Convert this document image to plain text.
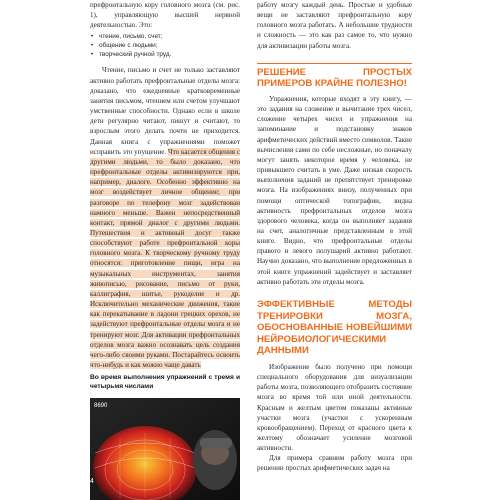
префронтальную кору головного мозга (см. рис. 1), управляющую высшей нервной деятельностью. Это:

• чтение, письмо, счет;
• общение с людьми;
• творческий ручной труд.

Чтение, письмо и счет не только заставляют активно работать префронтальные отделы мозга: доказано, что ежедневные кратковременные занятия письмом, чтением или счетом улучшают умственные способности. Однако если в школе дети регулярно читают, пишут и считают, то взрослым этого делать почти не приходится. Данная книга с упражнениями поможет исправить это упущение. Что касается общения с другими людьми, то было доказано, что префронтальные отделы активизируются при, например, диалоге. Особенно эффективно на мозг воздействует личное общение; при разговоре по телефону мозг задействован намного меньше. Важен непосредственный контакт, прямой диалог с другими людьми. Путешествия и активный досуг также способствуют работе префронтальной коры головного мозга. К творческому ручному труду относятся: приготовление пищи, игра на музыкальных инструментах, занятия живописью, рисование, письмо от руки, каллиграфия, шитье, рукоделие и др. Исключительно механические движения, такие как перекатывание в ладони грецких орехов, не задействуют префронтальные отделы мозга и не тренируют мозг. Для активации префронтальных отделов мозга важно осознавать цель создания чего-либо своими руками. Постарайтесь освоить что-нибудь и как можно чаще давать

Во время выполнения упражнений с тремя и четырьмя числами

8690
4

работу мозгу каждый день. Простые и удобные вещи не заставляют префронтальную кору головного мозга работать. А небольшие трудности и сложность — это как раз самое то, что нужно для активизации работы мозга.

РЕШЕНИЕ ПРОСТЫХ ПРИМЕРОВ КРАЙНЕ ПОЛЕЗНО!

Упражнения, которые входят в эту книгу, — это задания на сложение и вычитание трех чисел, сложение четырех чисел и упражнения на запоминание и подстановку знаков арифметических действий вместо символов. Такие вычисления сами по себе несложные, но поначалу могут занять некоторое время у человека, не привыкшего считать в уме. Даже низкая скорость выполнения заданий не препятствует тренировке мозга. На изображениях внизу, полученных при помощи оптической топографии, видна активность префронтальных отделов мозга здорового человека, когда он выполняет задания на счет, аналогичные представленным в этой книге. Видно, что префронтальные отделы правого и левого полушарий активно работают. Научно доказано, что выполнение предложенных в этой книге упражнений задействует и заставляет активно работать эти отделы мозга.

ЭФФЕКТИВНЫЕ МЕТОДЫ ТРЕНИРОВКИ МОЗГА, ОБОСНОВАННЫЕ НОВЕЙШИМИ НЕЙРОБИОЛОГИЧЕСКИМИ ДАННЫМИ

Изображение было получено при помощи специального оборудования для визуализации работы мозга, позволяющего отобразить состояние мозга во время той или иной деятельности. Красным и желтым цветом показаны активные участки мозга (участки с ускоренным кровообращением). Переход от красного цвета к желтому обозначает усиление мозговой активности.

Для примера сравним работу мозга при решении простых арифметических задач на
